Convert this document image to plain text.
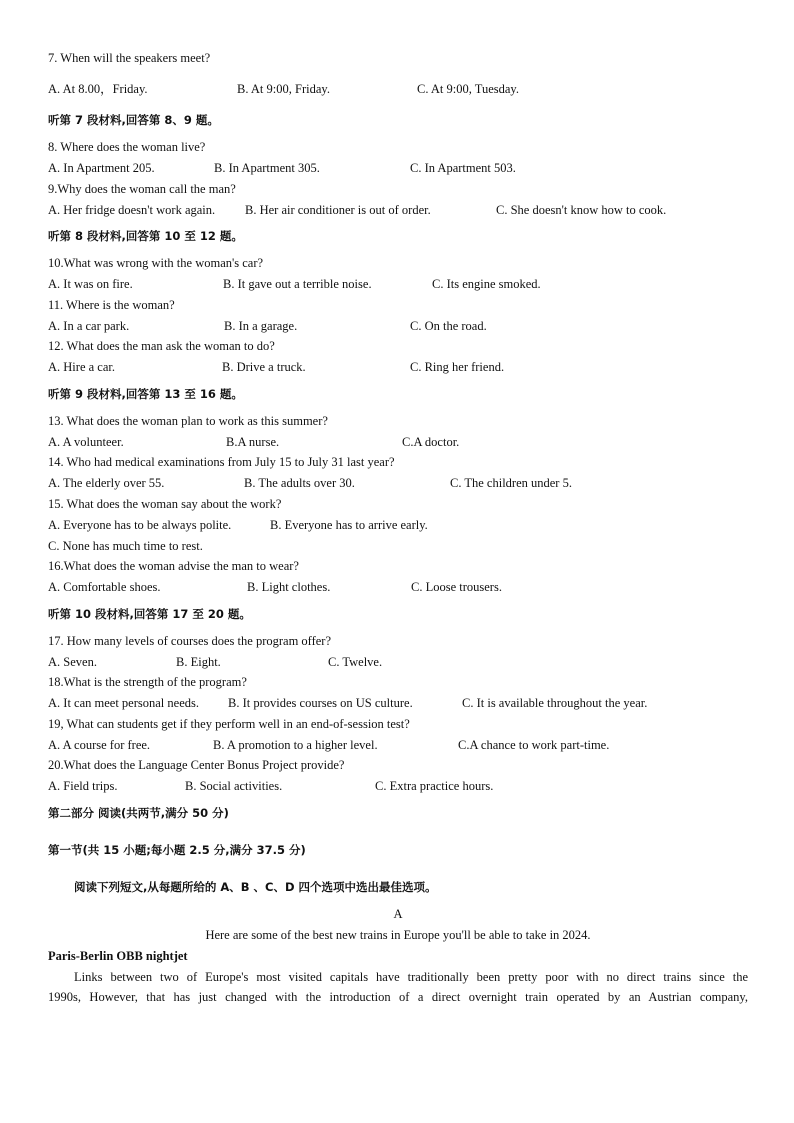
7. When will the speakers meet?
A. At 8.00，Friday.	B. At 9:00, Friday.	C. At 9:00, Tuesday.
听第 7 段材料,回答第 8、9 题。
8. Where does the woman live?
A. In Apartment 205.	B. In Apartment 305.	C. In Apartment 503.
9.Why does the woman call the man?
A. Her fridge doesn't work again. B. Her air conditioner is out of order.	C. She doesn't know how to cook.
听第 8 段材料,回答第 10 至 12 题。
10.What was wrong with the woman's car?
A. It was on fire.	B. It gave out a terrible noise.	C. Its engine smoked.
11. Where is the woman?
A. In a car park.	B. In a garage.	C. On the road.
12. What does the man ask the woman to do?
A. Hire a car.	B. Drive a truck.	C. Ring her friend.
听第 9 段材料,回答第 13 至 16 题。
13. What does the woman plan to work as this summer?
A. A volunteer.	B.A nurse.	C.A doctor.
14. Who had medical examinations from July 15 to July 31 last year?
A. The elderly over 55.	B. The adults over 30.	C. The children under 5.
15. What does the woman say about the work?
A. Everyone has to be always polite.	B. Everyone has to arrive early.
C. None has much time to rest.
16.What does the woman advise the man to wear?
A. Comfortable shoes.	B. Light clothes.	C. Loose trousers.
听第 10 段材料,回答第 17 至 20 题。
17. How many levels of courses does the program offer?
A. Seven.	B. Eight.	C. Twelve.
18.What is the strength of the program?
A. It can meet personal needs. B. It provides courses on US culture.	C. It is available throughout the year.
19, What can students get if they perform well in an end-of-session test?
A. A course for free.	B. A promotion to a higher level.	C.A chance to work part-time.
20.What does the Language Center Bonus Project provide?
A. Field trips.	B. Social activities.	C. Extra practice hours.
第二部分 阅读(共两节,满分 50 分)
第一节(共 15 小题;每小题 2.5 分,满分 37.5 分)
阅读下列短文,从每题所给的 A、B 、C、D 四个选项中选出最佳选项。
A
Here are some of the best new trains in Europe you'll be able to take in 2024.
Paris-Berlin OBB nightjet
Links between two of Europe's most visited capitals have traditionally been pretty poor with no direct trains since the
1990s, However, that has just changed with the introduction of a direct overnight train operated by an Austrian company,
